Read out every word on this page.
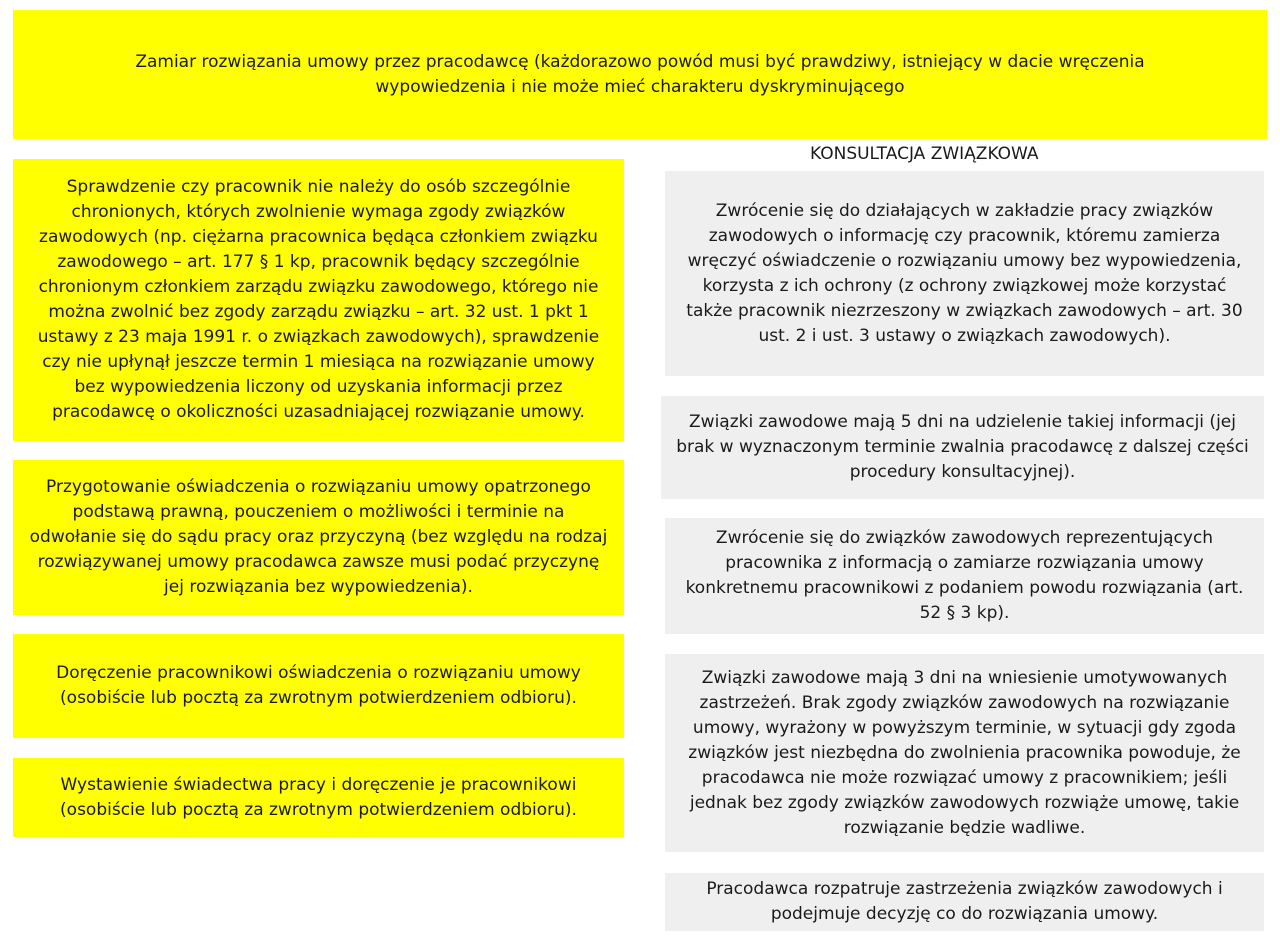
Zamiar rozwiązania umowy przez pracodawcę (każdorazowo powód musi być prawdziwy, istniejący w dacie wręczenia wypowiedzenia i nie może mieć charakteru dyskryminującego
Sprawdzenie czy pracownik nie należy do osób szczególnie chronionych, których zwolnienie wymaga zgody związków zawodowych (np. ciężarna pracownica będąca członkiem związku zawodowego – art. 177 § 1 kp, pracownik będący szczególnie chronionym członkiem zarządu związku zawodowego, którego nie można zwolnić bez zgody zarządu związku – art. 32 ust. 1 pkt 1 ustawy z 23 maja 1991 r. o związkach zawodowych), sprawdzenie czy nie upłynął jeszcze termin 1 miesiąca na rozwiązanie umowy bez wypowiedzenia liczony od uzyskania informacji przez pracodawcę o okoliczności uzasadniającej rozwiązanie umowy.
Przygotowanie oświadczenia o rozwiązaniu umowy opatrzonego podstawą prawną, pouczeniem o możliwości i terminie na odwołanie się do sądu pracy oraz przyczyną (bez względu na rodzaj rozwiązywanej umowy pracodawca zawsze musi podać przyczynę jej rozwiązania bez wypowiedzenia).
Doręczenie pracownikowi oświadczenia o rozwiązaniu umowy (osobiście lub pocztą za zwrotnym potwierdzeniem odbioru).
Wystawienie świadectwa pracy i doręczenie je pracownikowi (osobiście lub pocztą za zwrotnym potwierdzeniem odbioru).
KONSULTACJA ZWIĄZKOWA
Zwrócenie się do działających w zakładzie pracy związków zawodowych o informację czy pracownik, któremu zamierza wręczyć oświadczenie o rozwiązaniu umowy bez wypowiedzenia, korzysta z ich ochrony (z ochrony związkowej może korzystać także pracownik niezrzeszony w związkach zawodowych – art. 30 ust. 2 i ust. 3 ustawy o związkach zawodowych).
Związki zawodowe mają 5 dni na udzielenie takiej informacji (jej brak w wyznaczonym terminie zwalnia pracodawcę z dalszej części procedury konsultacyjnej).
Zwrócenie się do związków zawodowych reprezentujących pracownika z informacją o zamiarze rozwiązania umowy konkretnemu pracownikowi z podaniem powodu rozwiązania (art. 52 § 3 kp).
Związki zawodowe mają 3 dni na wniesienie umotywowanych zastrzeżeń. Brak zgody związków zawodowych na rozwiązanie umowy, wyrażony w powyższym terminie, w sytuacji gdy zgoda związków jest niezbędna do zwolnienia pracownika powoduje, że pracodawca nie może rozwiązać umowy z pracownikiem; jeśli jednak bez zgody związków zawodowych rozwiąże umowę, takie rozwiązanie będzie wadliwe.
Pracodawca rozpatruje zastrzeżenia związków zawodowych i podejmuje decyzję co do rozwiązania umowy.
